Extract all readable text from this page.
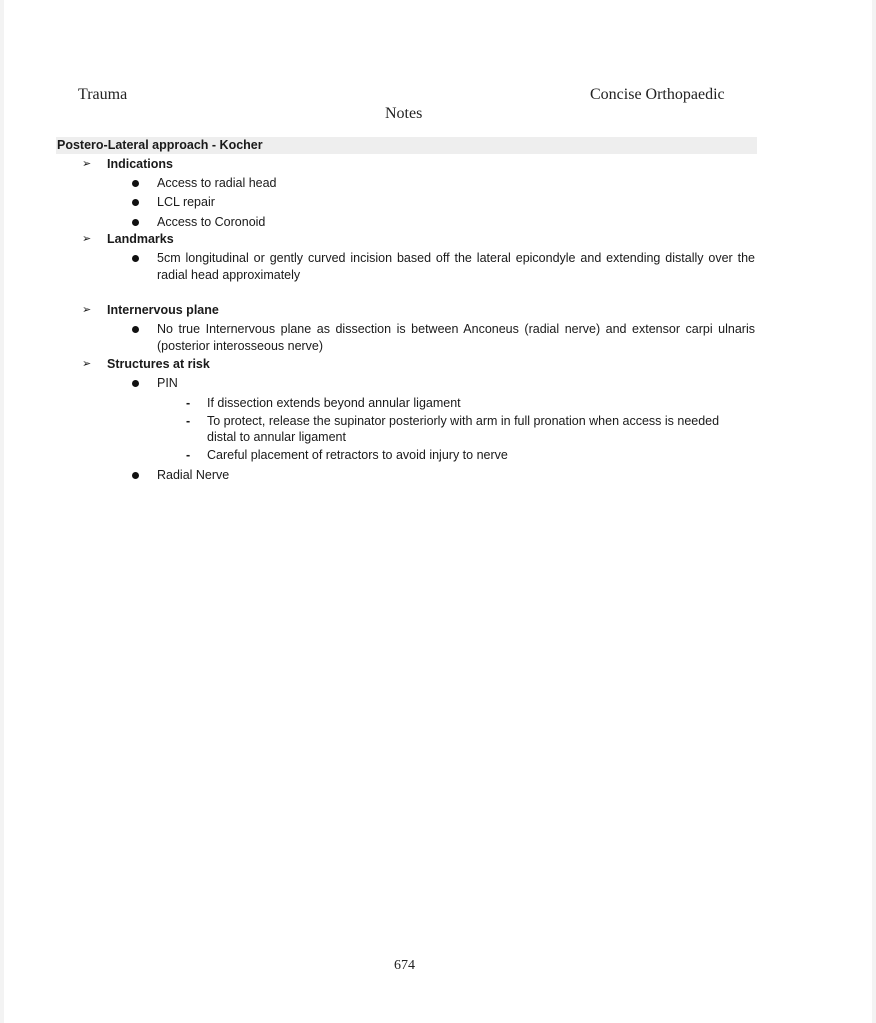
Trauma	Concise Orthopaedic
Notes
Postero-Lateral approach - Kocher
➢ Indications
Access to radial head
LCL repair
Access to Coronoid
➢ Landmarks
5cm longitudinal or gently curved incision based off the lateral epicondyle and extending distally over the radial head approximately
➢ Internervous plane
No true Internervous plane as dissection is between Anconeus (radial nerve) and extensor carpi ulnaris (posterior interosseous nerve)
➢ Structures at risk
PIN
- If dissection extends beyond annular ligament
- To protect, release the supinator posteriorly with arm in full pronation when access is needed distal to annular ligament
- Careful placement of retractors to avoid injury to nerve
Radial Nerve
674
